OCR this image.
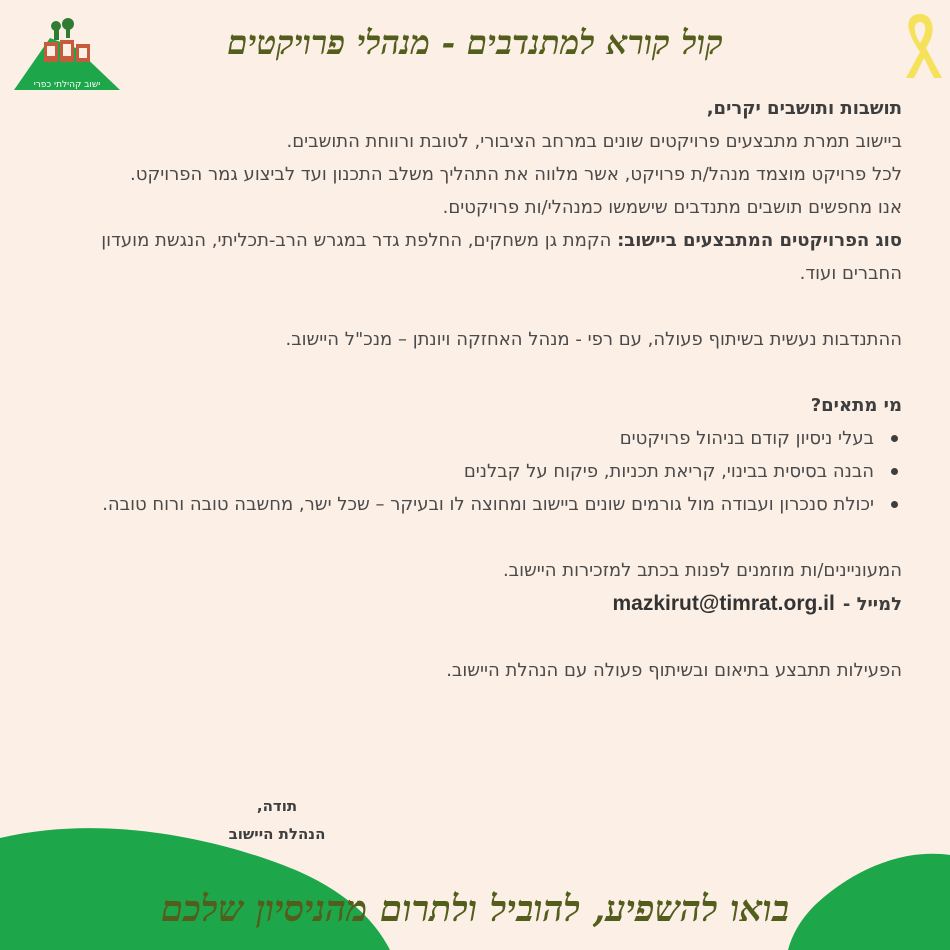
ישוב קהילתי כפרי
קול קורא למתנדבים - מנהלי פרויקטים

תושבות ותושבים יקרים,

ביישוב תמרת מתבצעים פרויקטים שונים במרחב הציבורי, לטובת ורווחת התושבים.

לכל פרויקט מוצמד מנהל/ת פרויקט, אשר מלווה את התהליך משלב התכנון ועד לביצוע גמר הפרויקט.

אנו מחפשים תושבים מתנדבים שישמשו כמנהלי/ות פרויקטים.

סוג הפרויקטים המתבצעים ביישוב: הקמת גן משחקים, החלפת גדר במגרש הרב-תכליתי, הנגשת מועדון החברים ועוד.

ההתנדבות נעשית בשיתוף פעולה, עם רפי - מנהל האחזקה ויונתן – מנכ"ל היישוב.

מי מתאים?

בעלי ניסיון קודם בניהול פרויקטים
הבנה בסיסית בבינוי, קריאת תכניות, פיקוח על קבלנים
יכולת סנכרון ועבודה מול גורמים שונים ביישוב ומחוצה לו ובעיקר – שכל ישר, מחשבה טובה ורוח טובה.

המעוניינים/ות מוזמנים לפנות בכתב למזכירות היישוב.

למייל -
mazkirut@timrat.org.il

הפעילות תתבצע בתיאום ובשיתוף פעולה עם הנהלת היישוב.

תודה,
הנהלת היישוב
בואו להשפיע, להוביל ולתרום מהניסיון שלכם
